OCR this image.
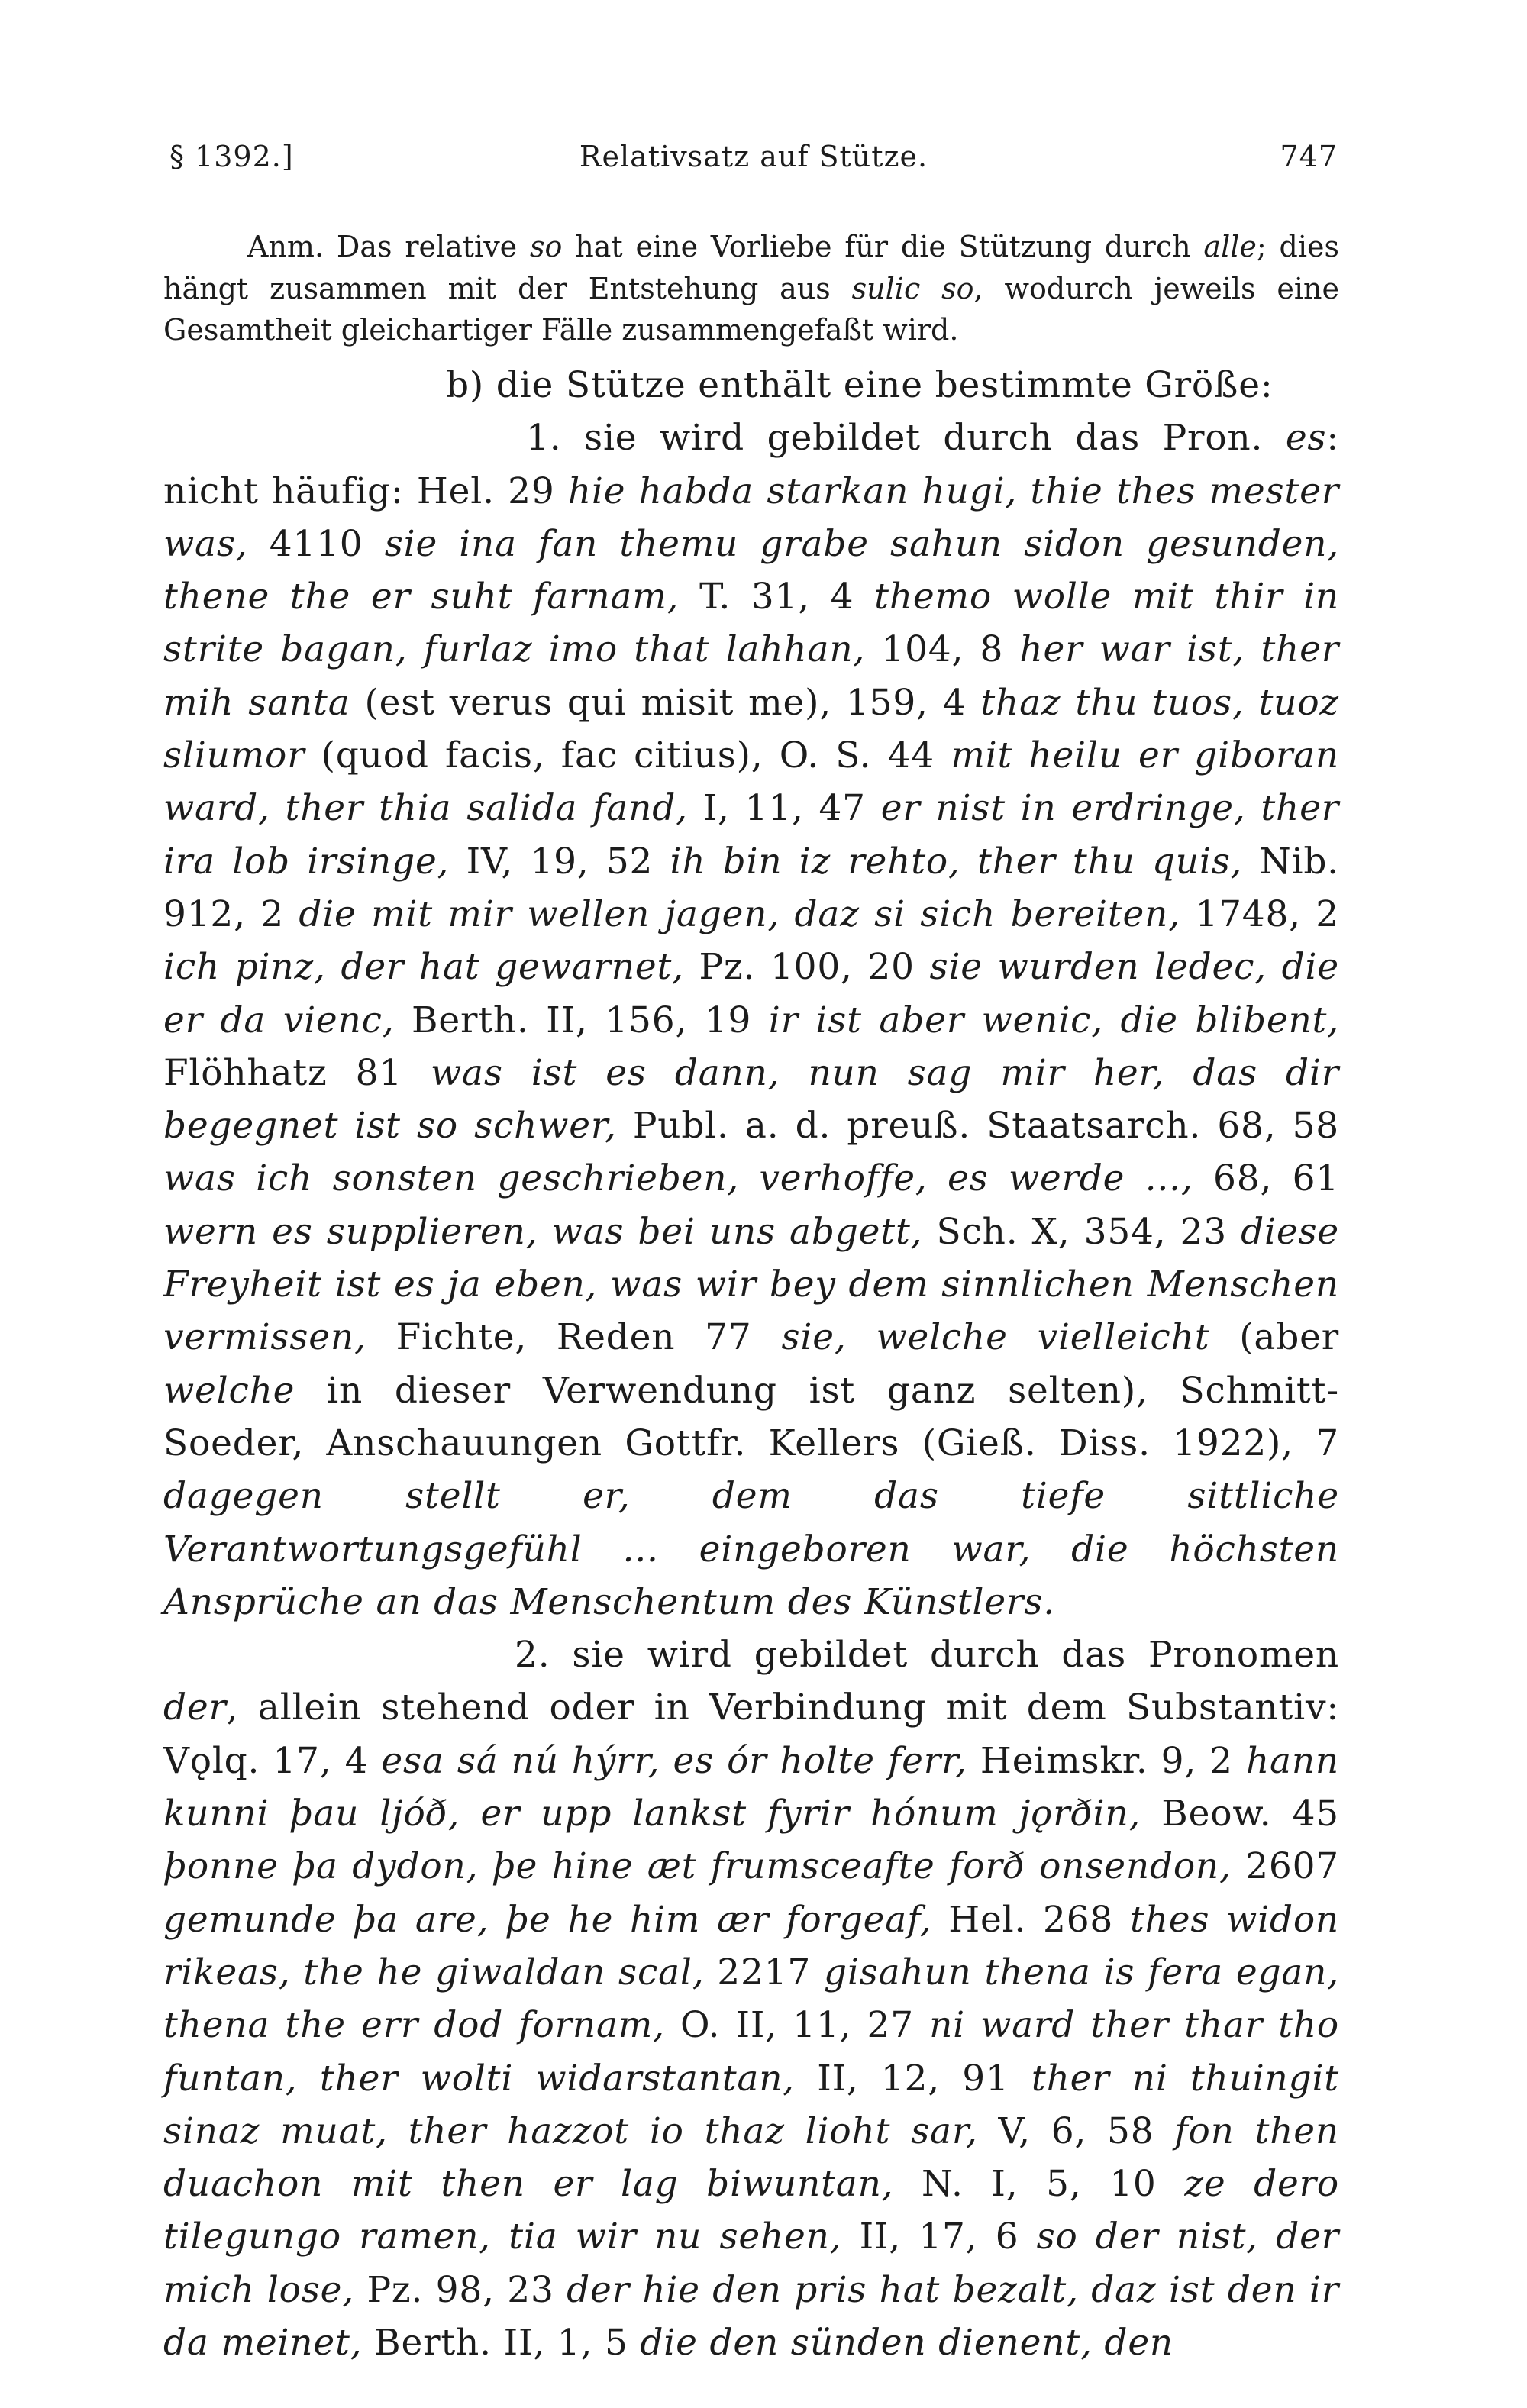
§ 1392.]	Relativsatz auf Stütze.	747

Anm. Das relative so hat eine Vorliebe für die Stützung durch alle; dies hängt zusammen mit der Entstehung aus sulic so, wodurch jeweils eine Gesamtheit gleichartiger Fälle zusammengefaßt wird.

b) die Stütze enthält eine bestimmte Größe:

1. sie wird gebildet durch das Pron. es: nicht häufig: Hel. 29 hie habda starkan hugi, thie thes mester was, 4110 sie ina fan themu grabe sahun sidon gesunden, thene the er suht farnam, T. 31, 4 themo wolle mit thir in strite bagan, furlaz imo that lahhan, 104, 8 her war ist, ther mih santa (est verus qui misit me), 159, 4 thaz thu tuos, tuoz sliumor (quod facis, fac citius), O. S. 44 mit heilu er giboran ward, ther thia salida fand, I, 11, 47 er nist in erdringe, ther ira lob irsinge, IV, 19, 52 ih bin iz rehto, ther thu quis, Nib. 912, 2 die mit mir wellen jagen, daz si sich bereiten, 1748, 2 ich pinz, der hat gewarnet, Pz. 100, 20 sie wurden ledec, die er da vienc, Berth. II, 156, 19 ir ist aber wenic, die blibent, Flöhhatz 81 was ist es dann, nun sag mir her, das dir begegnet ist so schwer, Publ. a. d. preuß. Staatsarch. 68, 58 was ich sonsten geschrieben, verhoffe, es werde ..., 68, 61 wern es supplieren, was bei uns abgett, Sch. X, 354, 23 diese Freyheit ist es ja eben, was wir bey dem sinnlichen Menschen vermissen, Fichte, Reden 77 sie, welche vielleicht (aber welche in dieser Verwendung ist ganz selten), Schmitt-Soeder, Anschauungen Gottfr. Kellers (Gieß. Diss. 1922), 7 dagegen stellt er, dem das tiefe sittliche Verantwortungsgefühl ... eingeboren war, die höchsten Ansprüche an das Menschentum des Künstlers.

2. sie wird gebildet durch das Pronomen der, allein stehend oder in Verbindung mit dem Substantiv: Vǫlq. 17, 4 esa sá nú hýrr, es ór holte ferr, Heimskr. 9, 2 hann kunni þau ljóð, er upp lankst fyrir hónum jǫrðin, Beow. 45 þonne þa dydon, þe hine æt frumsceafte forð onsendon, 2607 gemunde þa are, þe he him ær forgeaf, Hel. 268 thes widon rikeas, the he giwaldan scal, 2217 gisahun thena is fera egan, thena the err dod fornam, O. II, 11, 27 ni ward ther thar tho funtan, ther wolti widarstantan, II, 12, 91 ther ni thuingit sinaz muat, ther hazzot io thaz lioht sar, V, 6, 58 fon then duachon mit then er lag biwuntan, N. I, 5, 10 ze dero tilegungo ramen, tia wir nu sehen, II, 17, 6 so der nist, der mich lose, Pz. 98, 23 der hie den pris hat bezalt, daz ist den ir da meinet, Berth. II, 1, 5 die den sünden dienent, den
